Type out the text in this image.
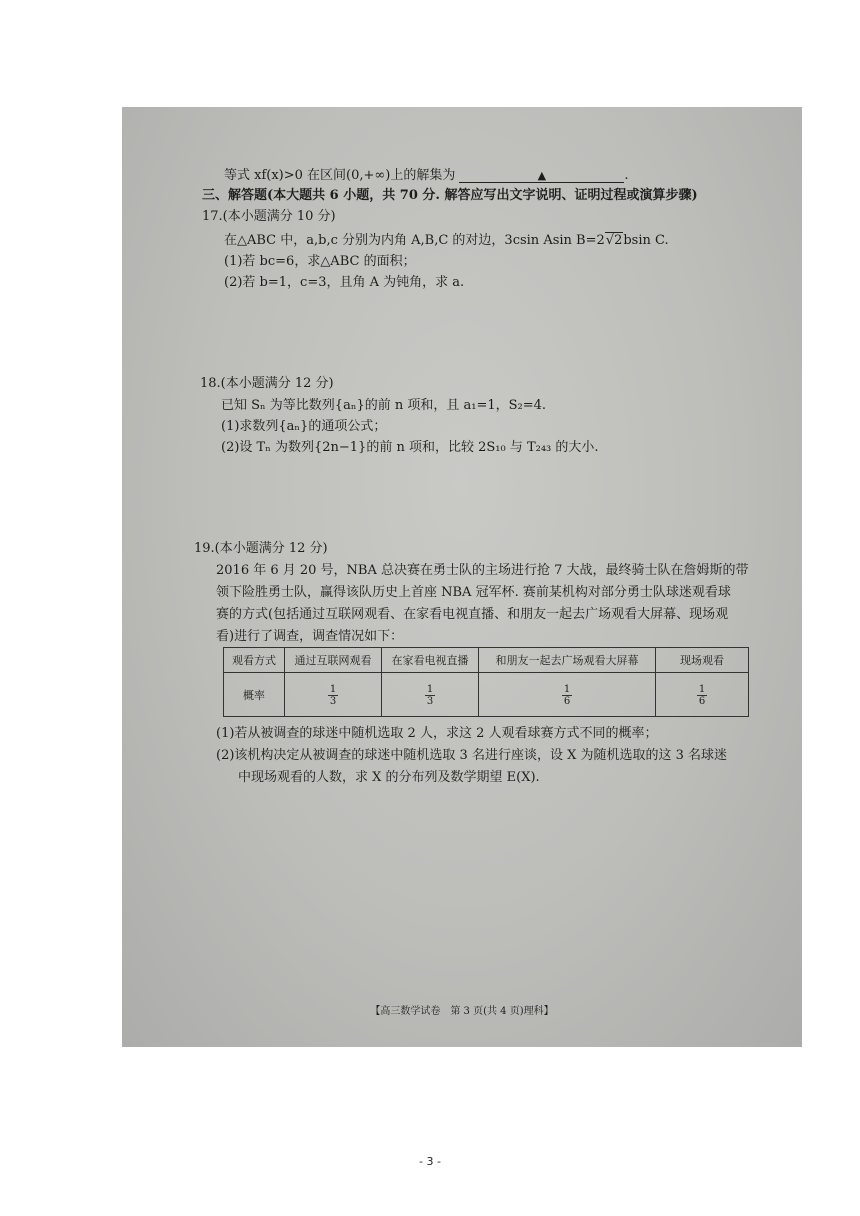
等式 xf(x)>0 在区间(0,+∞)上的解集为	▲	.
三、解答题(本大题共 6 小题，共 70 分. 解答应写出文字说明、证明过程或演算步骤)
17.(本小题满分 10 分)
在△ABC 中，a,b,c 分别为内角 A,B,C 的对边，3csin Asin B=2√2bsin C.
(1)若 bc=6，求△ABC 的面积；
(2)若 b=1，c=3，且角 A 为钝角，求 a.
18.(本小题满分 12 分)
已知 Sₙ 为等比数列{aₙ}的前 n 项和，且 a₁=1，S₂=4.
(1)求数列{aₙ}的通项公式；
(2)设 Tₙ 为数列{2n−1}的前 n 项和，比较 2S₁₀ 与 T₂₄₃ 的大小.
19.(本小题满分 12 分)
2016 年 6 月 20 号，NBA 总决赛在勇士队的主场进行抢 7 大战，最终骑士队在詹姆斯的带
领下险胜勇士队，赢得该队历史上首座 NBA 冠军杯. 赛前某机构对部分勇士队球迷观看球
赛的方式(包括通过互联网观看、在家看电视直播、和朋友一起去广场观看大屏幕、现场观
看)进行了调查，调查情况如下：
观看方式	通过互联网观看	在家看电视直播	和朋友一起去广场观看大屏幕	现场观看
概率	$\frac{1}{3}$	$\frac{1}{3}$	$\frac{1}{6}$	$\frac{1}{6}$
(1)若从被调查的球迷中随机选取 2 人，求这 2 人观看球赛方式不同的概率；
(2)该机构决定从被调查的球迷中随机选取 3 名进行座谈，设 X 为随机选取的这 3 名球迷
中现场观看的人数，求 X 的分布列及数学期望 E(X).
【高三数学试卷　第 3 页(共 4 页)理科】
- 3 -
